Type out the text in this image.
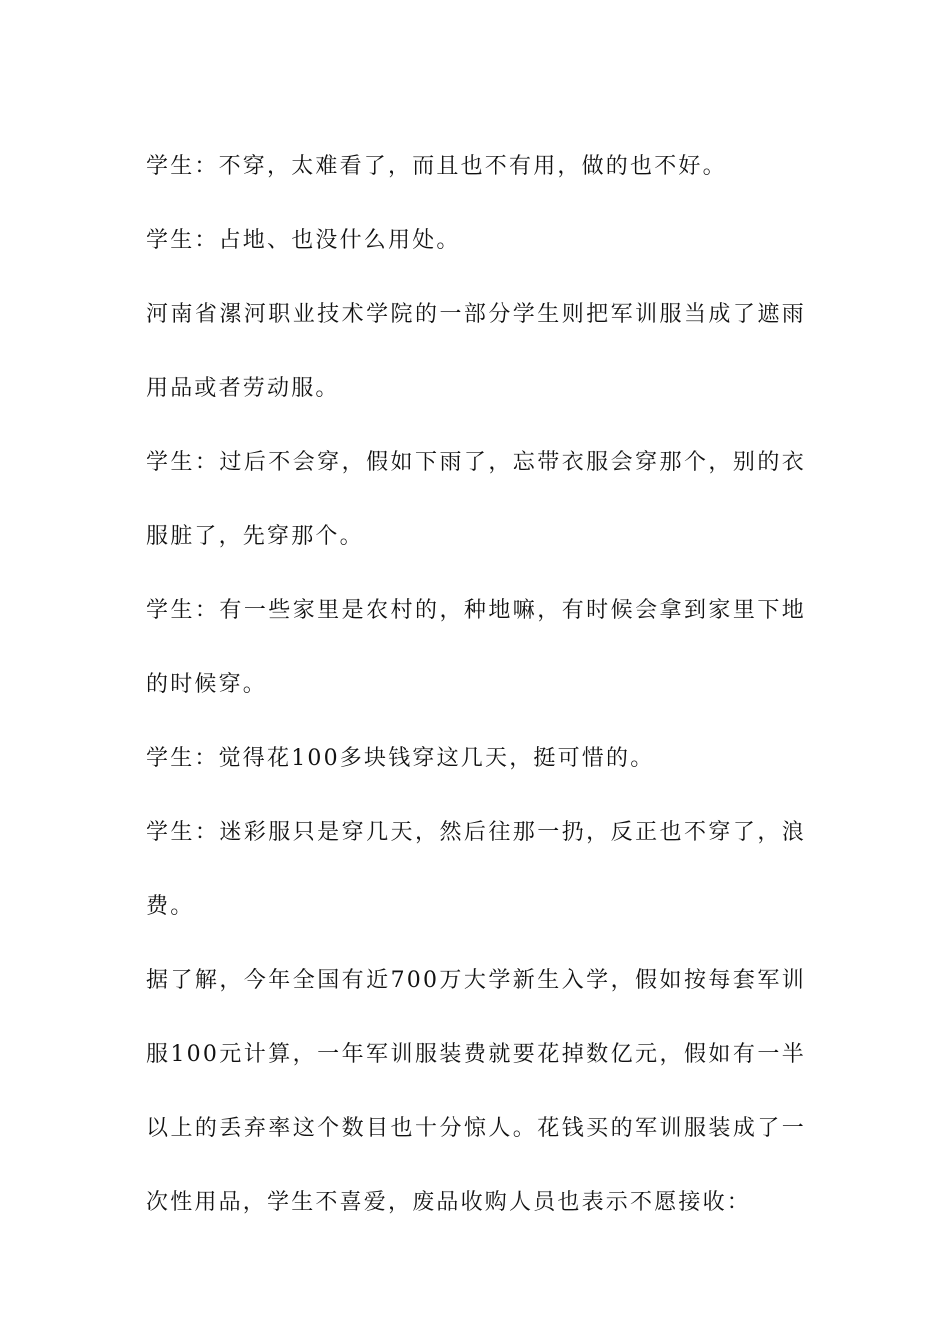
学生：不穿，太难看了，而且也不有用，做的也不好。

学生：占地、也没什么用处。

河南省漯河职业技术学院的一部分学生则把军训服当成了遮雨用品或者劳动服。

学生：过后不会穿，假如下雨了，忘带衣服会穿那个，别的衣服脏了，先穿那个。

学生：有一些家里是农村的，种地嘛，有时候会拿到家里下地的时候穿。

学生：觉得花100多块钱穿这几天，挺可惜的。

学生：迷彩服只是穿几天，然后往那一扔，反正也不穿了，浪费。

据了解，今年全国有近700万大学新生入学，假如按每套军训服100元计算，一年军训服装费就要花掉数亿元，假如有一半以上的丢弃率这个数目也十分惊人。花钱买的军训服装成了一次性用品，学生不喜爱，废品收购人员也表示不愿接收：
